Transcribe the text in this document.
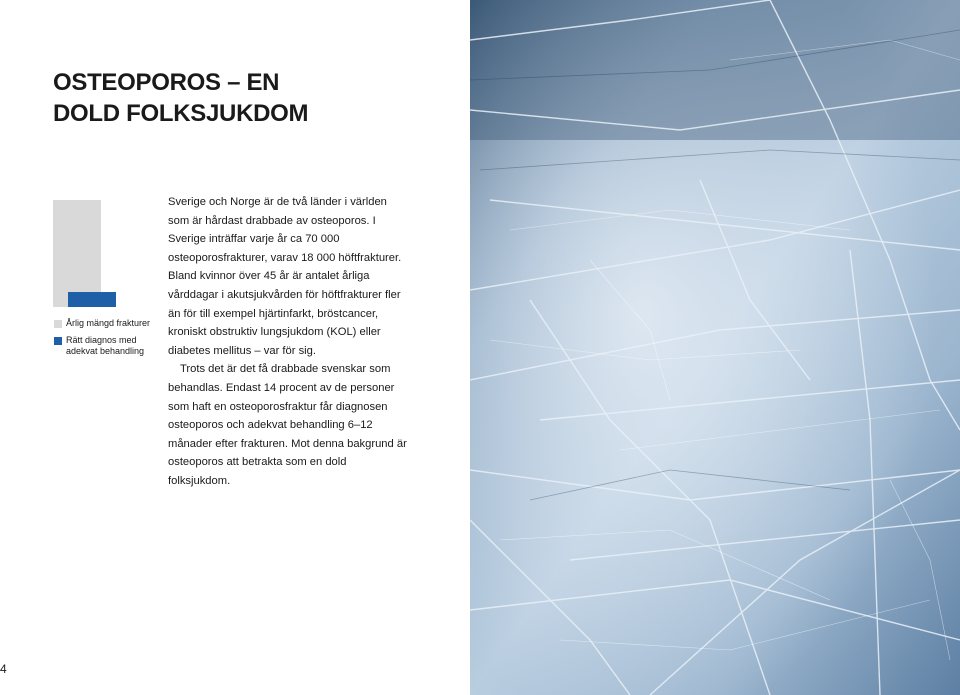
OSTEOPOROS – EN
DOLD FOLKSJUKDOM
Årlig mängd frakturer
Rätt diagnos med adekvat behandling

Sverige och Norge är de två länder i världen som är hårdast drabbade av osteoporos. I Sverige inträffar varje år ca 70 000 osteoporosfrakturer, varav 18 000 höftfrakturer. Bland kvinnor över 45 år är antalet årliga vårddagar i akutsjukvården för höftfrakturer fler än för till exempel hjärtinfarkt, bröstcancer, kroniskt obstruktiv lungsjukdom (KOL) eller diabetes mellitus – var för sig.

Trots det är det få drabbade svenskar som behandlas. Endast 14 procent av de personer som haft en osteoporosfraktur får diagnosen osteoporos och adekvat behandling 6–12 månader efter frakturen. Mot denna bakgrund är osteoporos att betrakta som en dold folksjukdom.

4
